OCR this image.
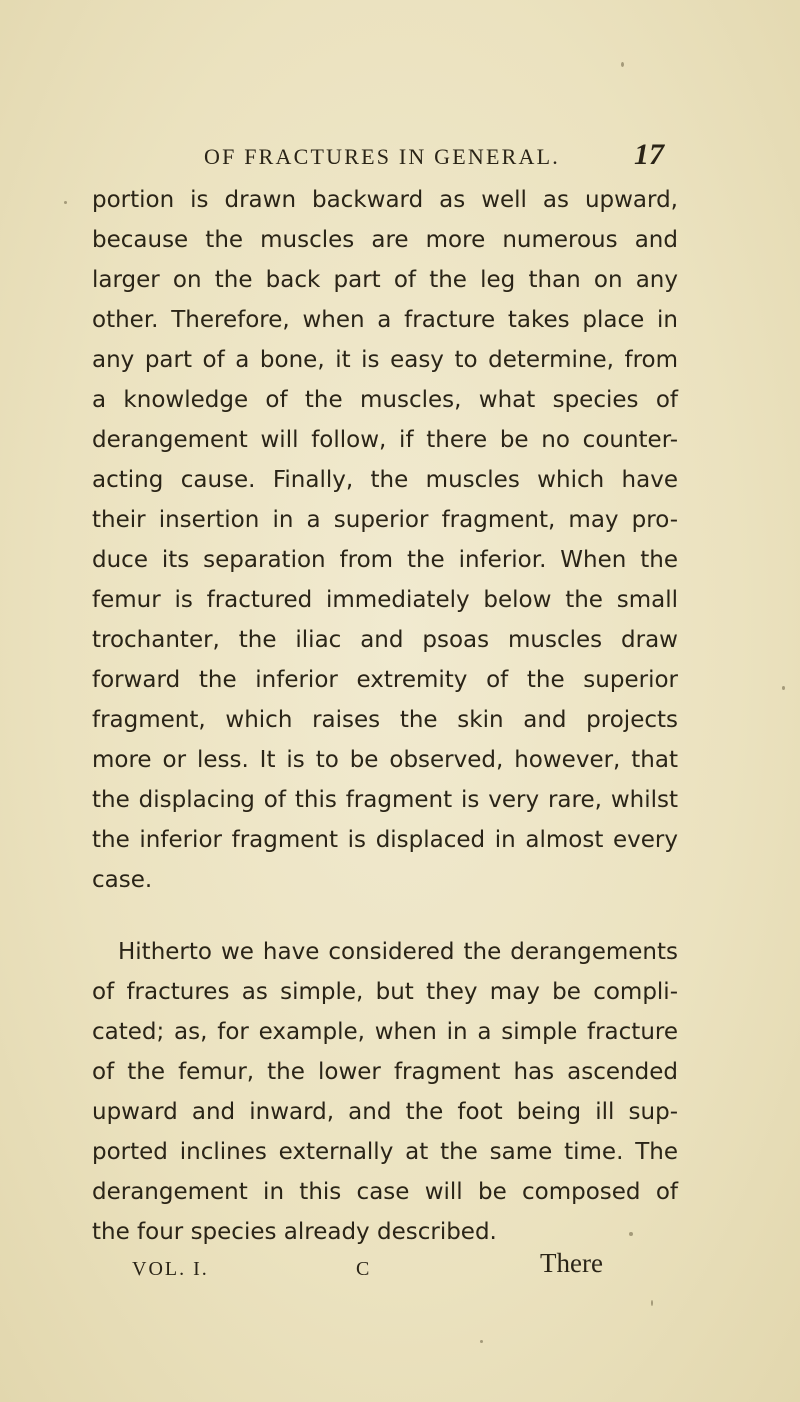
OF FRACTURES IN GENERAL. 17
portion is drawn backward as well as upward,
because the muscles are more numerous and
larger on the back part of the leg than on any
other. Therefore, when a fracture takes place in
any part of a bone, it is easy to determine, from
a knowledge of the muscles, what species of
derangement will follow, if there be no counter-
acting cause. Finally, the muscles which have
their insertion in a superior fragment, may pro-
duce its separation from the inferior. When the
femur is fractured immediately below the small
trochanter, the iliac and psoas muscles draw
forward the inferior extremity of the superior
fragment, which raises the skin and projects
more or less. It is to be observed, however, that
the displacing of this fragment is very rare, whilst
the inferior fragment is displaced in almost every
case.
Hitherto we have considered the derangements
of fractures as simple, but they may be compli-
cated; as, for example, when in a simple fracture
of the femur, the lower fragment has ascended
upward and inward, and the foot being ill sup-
ported inclines externally at the same time. The
derangement in this case will be composed of
the four species already described.
VOL. I.	C	There
